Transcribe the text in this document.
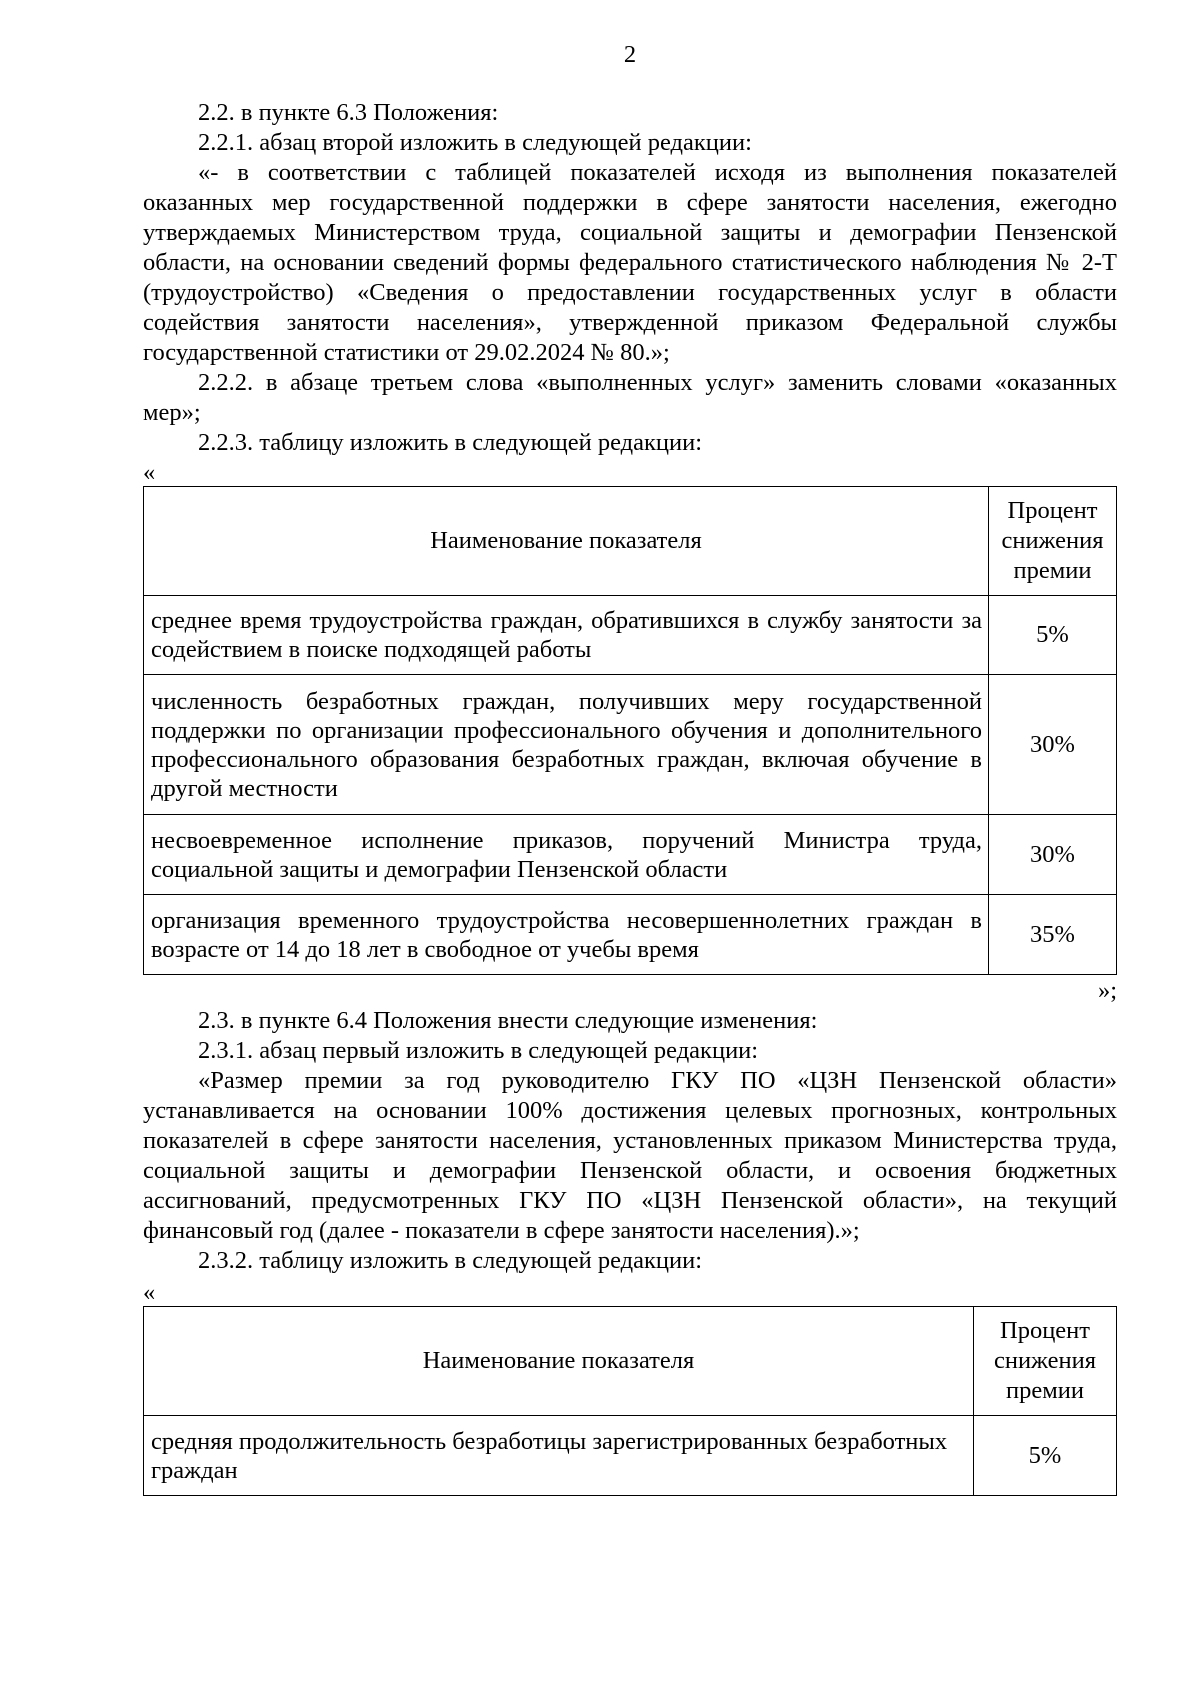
2

2.2. в пункте 6.3 Положения:

2.2.1. абзац второй изложить в следующей редакции:

«- в соответствии с таблицей показателей исходя из выполнения показателей оказанных мер государственной поддержки в сфере занятости населения, ежегодно утверждаемых Министерством труда, социальной защиты и демографии Пензенской области, на основании сведений формы федерального статистического наблюдения № 2-Т (трудоустройство) «Сведения о предоставлении государственных услуг в области содействия занятости населения», утвержденной приказом Федеральной службы государственной статистики от 29.02.2024 № 80.»;

2.2.2. в абзаце третьем слова «выполненных услуг» заменить словами «оказанных мер»;

2.2.3. таблицу изложить в следующей редакции:

«

Наименование показателя	Процент снижения премии
среднее время трудоустройства граждан, обратившихся в службу занятости за содействием в поиске подходящей работы	5%
численность безработных граждан, получивших меру государственной поддержки по организации профессионального обучения и дополнительного профессионального образования безработных граждан, включая обучение в другой местности	30%
несвоевременное исполнение приказов, поручений Министра труда, социальной защиты и демографии Пензенской области	30%
организация временного трудоустройства несовершеннолетних граждан в возрасте от 14 до 18 лет в свободное от учебы время	35%

»;

2.3. в пункте 6.4 Положения внести следующие изменения:

2.3.1. абзац первый изложить в следующей редакции:

«Размер премии за год руководителю ГКУ ПО «ЦЗН Пензенской области» устанавливается на основании 100% достижения целевых прогнозных, контрольных показателей в сфере занятости населения, установленных приказом Министерства труда, социальной защиты и демографии Пензенской области, и освоения бюджетных ассигнований, предусмотренных ГКУ ПО «ЦЗН Пензенской области», на текущий финансовый год (далее - показатели в сфере занятости населения).»;

2.3.2. таблицу изложить в следующей редакции:

«

Наименование показателя	Процент снижения премии
средняя продолжительность безработицы зарегистрированных безработных граждан	5%
